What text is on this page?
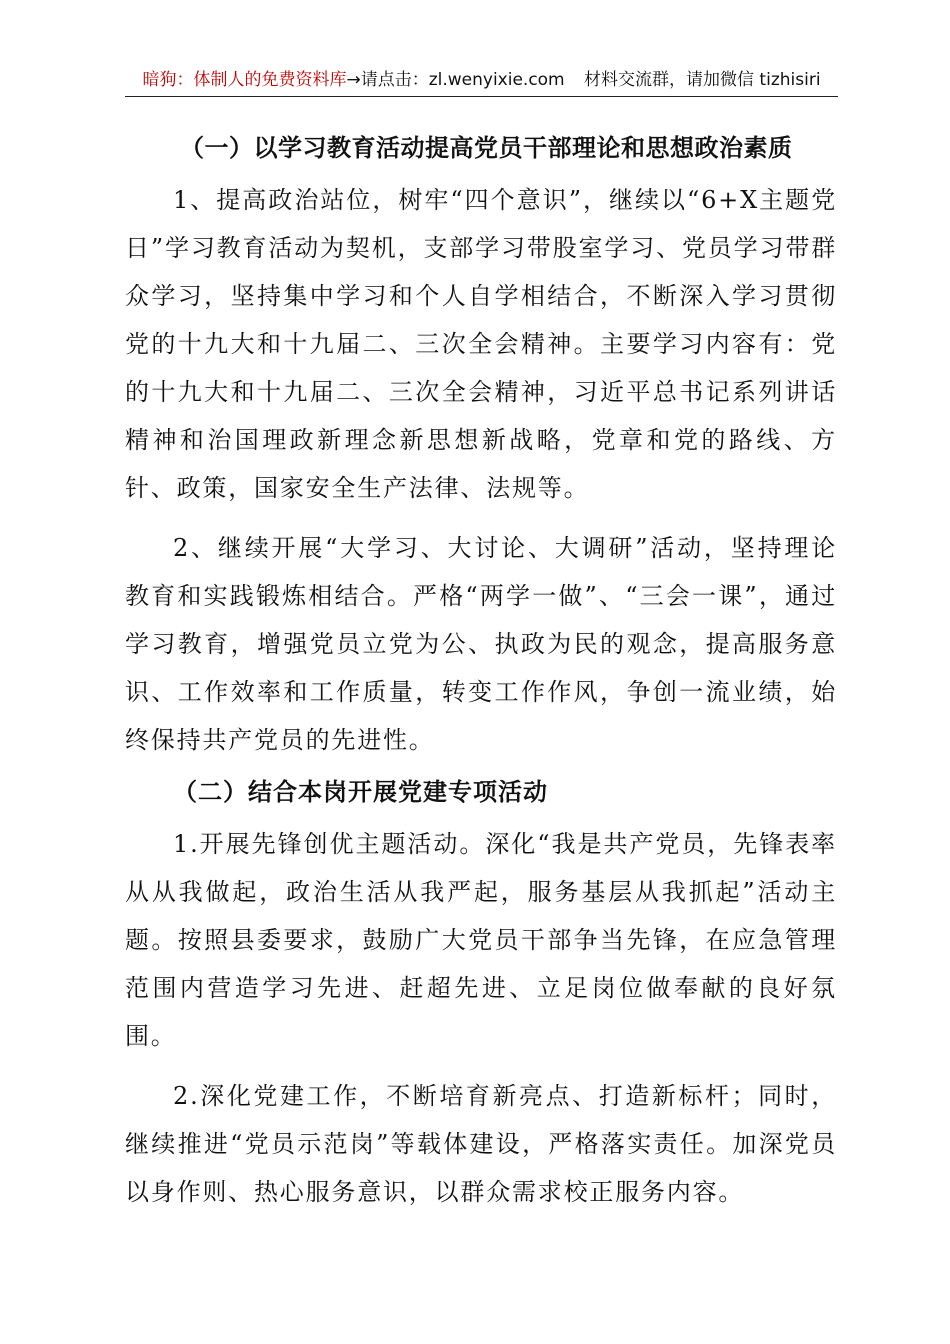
暗狗：体制人的免费资料库→请点击：zl.wenyixie.com 材料交流群，请加微信 tizhisiri

（一）以学习教育活动提高党员干部理论和思想政治素质

1、提高政治站位，树牢“四个意识”，继续以“6+X主题党日”学习教育活动为契机，支部学习带股室学习、党员学习带群众学习，坚持集中学习和个人自学相结合，不断深入学习贯彻党的十九大和十九届二、三次全会精神。主要学习内容有：党的十九大和十九届二、三次全会精神，习近平总书记系列讲话精神和治国理政新理念新思想新战略，党章和党的路线、方针、政策，国家安全生产法律、法规等。

2、继续开展“大学习、大讨论、大调研”活动，坚持理论教育和实践锻炼相结合。严格“两学一做”、“三会一课”，通过学习教育，增强党员立党为公、执政为民的观念，提高服务意识、工作效率和工作质量，转变工作作风，争创一流业绩，始终保持共产党员的先进性。

（二）结合本岗开展党建专项活动

1.开展先锋创优主题活动。深化“我是共产党员，先锋表率从从我做起，政治生活从我严起，服务基层从我抓起”活动主题。按照县委要求，鼓励广大党员干部争当先锋，在应急管理范围内营造学习先进、赶超先进、立足岗位做奉献的良好氛围。

2.深化党建工作，不断培育新亮点、打造新标杆；同时，继续推进“党员示范岗”等载体建设，严格落实责任。加深党员以身作则、热心服务意识，以群众需求校正服务内容。
